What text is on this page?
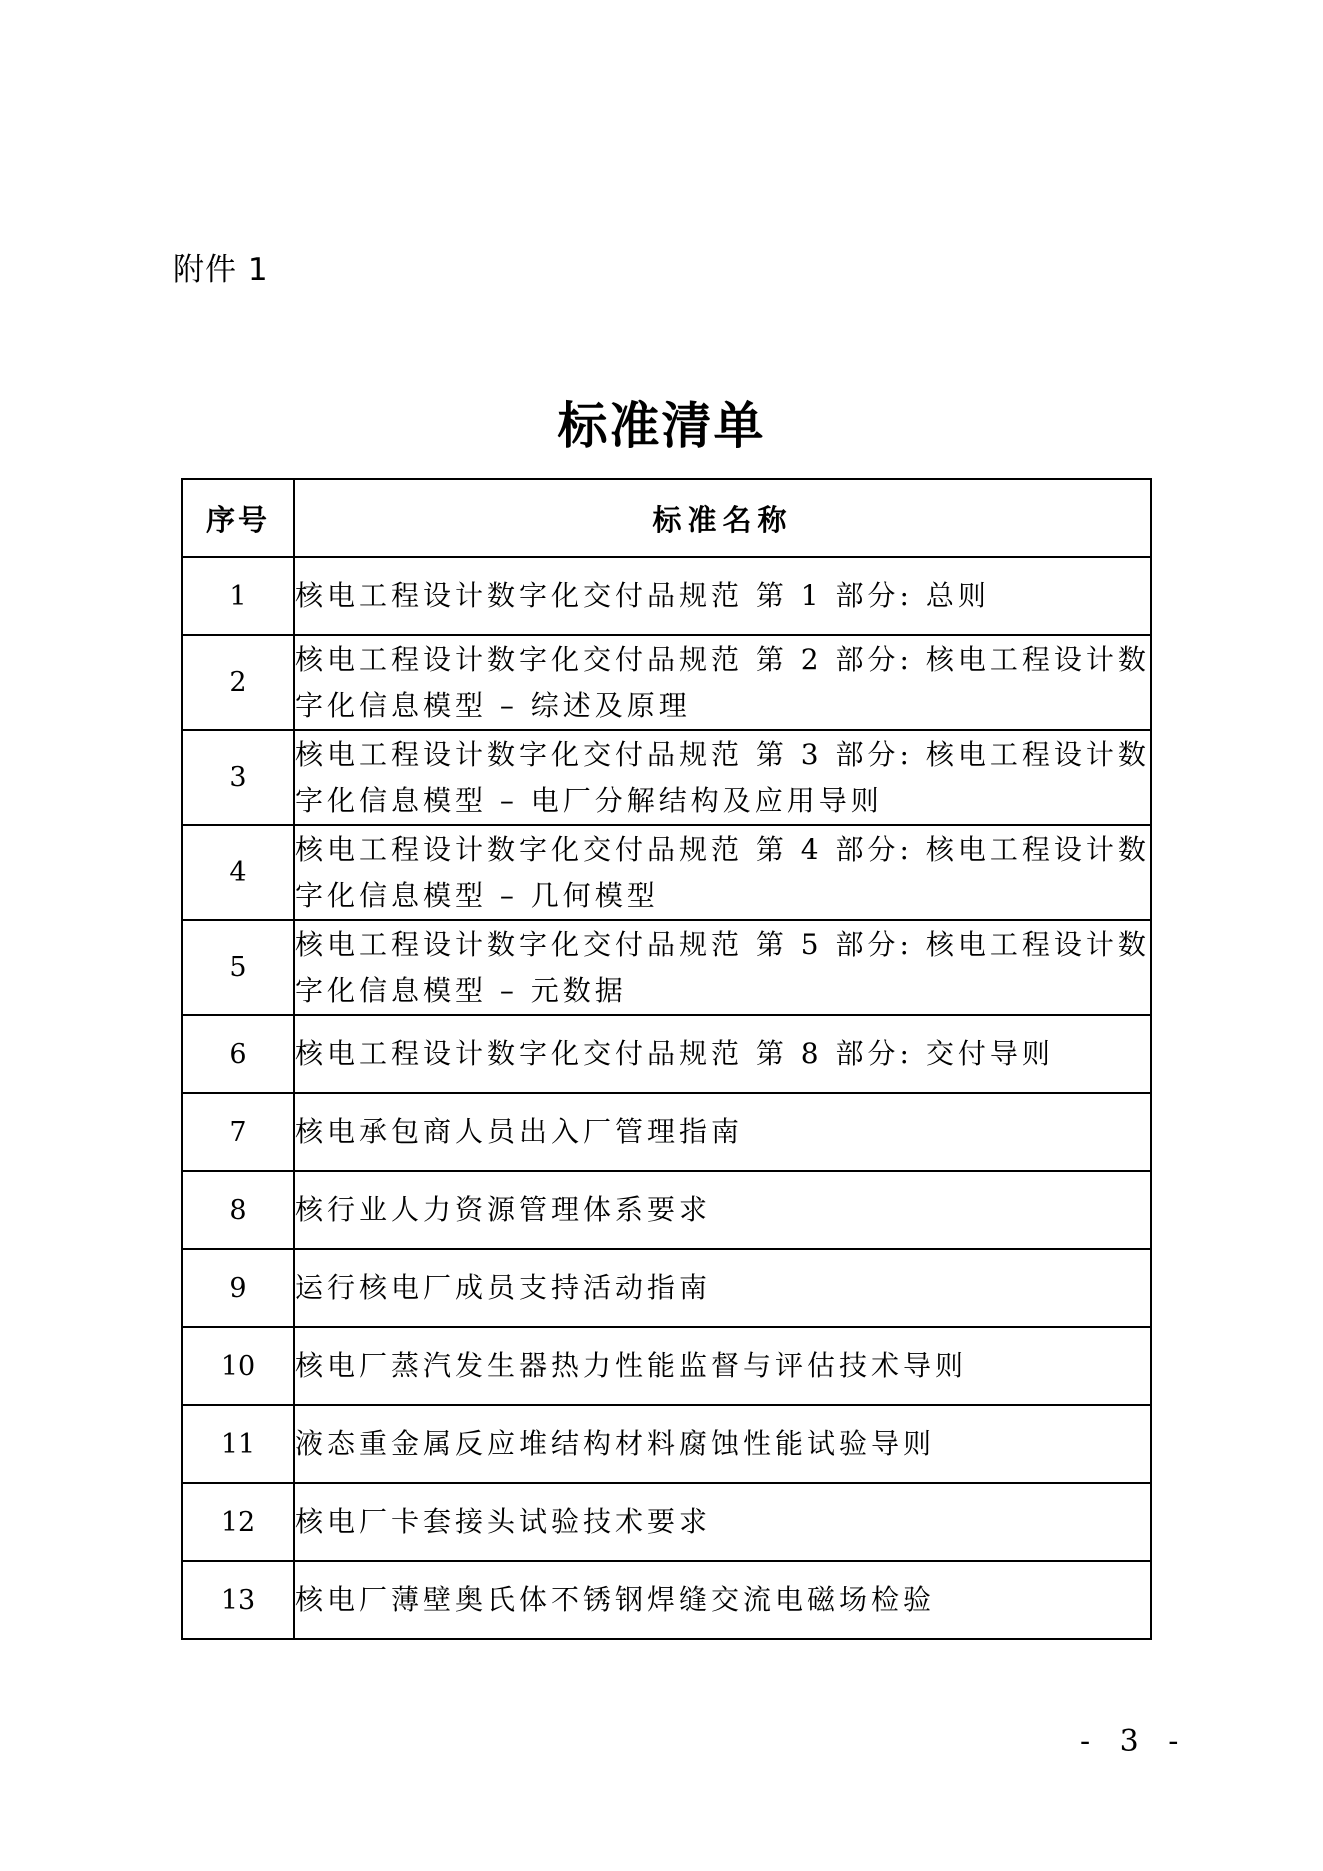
附件 1
标准清单
序号	标准名称
1	核电工程设计数字化交付品规范 第 1 部分: 总则
2	核电工程设计数字化交付品规范 第 2 部分: 核电工程设计数字化信息模型 – 综述及原理
3	核电工程设计数字化交付品规范 第 3 部分: 核电工程设计数字化信息模型 – 电厂分解结构及应用导则
4	核电工程设计数字化交付品规范 第 4 部分: 核电工程设计数字化信息模型 – 几何模型
5	核电工程设计数字化交付品规范 第 5 部分: 核电工程设计数字化信息模型 – 元数据
6	核电工程设计数字化交付品规范 第 8 部分: 交付导则
7	核电承包商人员出入厂管理指南
8	核行业人力资源管理体系要求
9	运行核电厂成员支持活动指南
10	核电厂蒸汽发生器热力性能监督与评估技术导则
11	液态重金属反应堆结构材料腐蚀性能试验导则
12	核电厂卡套接头试验技术要求
13	核电厂薄壁奥氏体不锈钢焊缝交流电磁场检验
- 3 -
